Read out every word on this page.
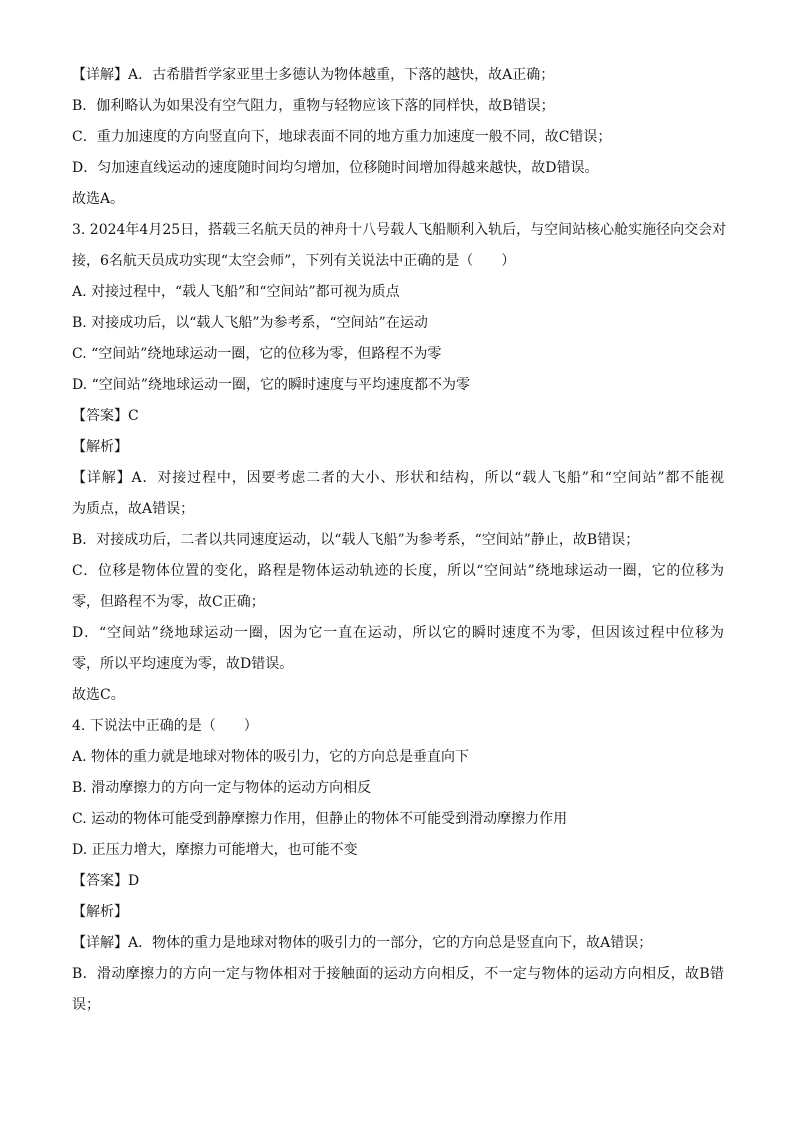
【详解】A．古希腊哲学家亚里士多德认为物体越重，下落的越快，故A正确；
B．伽利略认为如果没有空气阻力，重物与轻物应该下落的同样快，故B错误；
C．重力加速度的方向竖直向下，地球表面不同的地方重力加速度一般不同，故C错误；
D．匀加速直线运动的速度随时间均匀增加，位移随时间增加得越来越快，故D错误。
故选A。
3. 2024年4月25日，搭载三名航天员的神舟十八号载人飞船顺利入轨后，与空间站核心舱实施径向交会对
接，6名航天员成功实现“太空会师”，下列有关说法中正确的是（　　）
A. 对接过程中，“载人飞船”和“空间站”都可视为质点
B. 对接成功后，以“载人飞船”为参考系，“空间站”在运动
C. “空间站”绕地球运动一圈，它的位移为零，但路程不为零
D. “空间站”绕地球运动一圈，它的瞬时速度与平均速度都不为零
【答案】C
【解析】
【详解】A．对接过程中，因要考虑二者的大小、形状和结构，所以“载人飞船”和“空间站”都不能视
为质点，故A错误；
B．对接成功后，二者以共同速度运动，以“载人飞船”为参考系，“空间站”静止，故B错误；
C．位移是物体位置的变化，路程是物体运动轨迹的长度，所以“空间站”绕地球运动一圈，它的位移为
零，但路程不为零，故C正确；
D．“空间站”绕地球运动一圈，因为它一直在运动，所以它的瞬时速度不为零，但因该过程中位移为
零，所以平均速度为零，故D错误。
故选C。
4. 下说法中正确的是（　　）
A. 物体的重力就是地球对物体的吸引力，它的方向总是垂直向下
B. 滑动摩擦力的方向一定与物体的运动方向相反
C. 运动的物体可能受到静摩擦力作用，但静止的物体不可能受到滑动摩擦力作用
D. 正压力增大，摩擦力可能增大，也可能不变
【答案】D
【解析】
【详解】A．物体的重力是地球对物体的吸引力的一部分，它的方向总是竖直向下，故A错误；
B．滑动摩擦力的方向一定与物体相对于接触面的运动方向相反，不一定与物体的运动方向相反，故B错
误；
